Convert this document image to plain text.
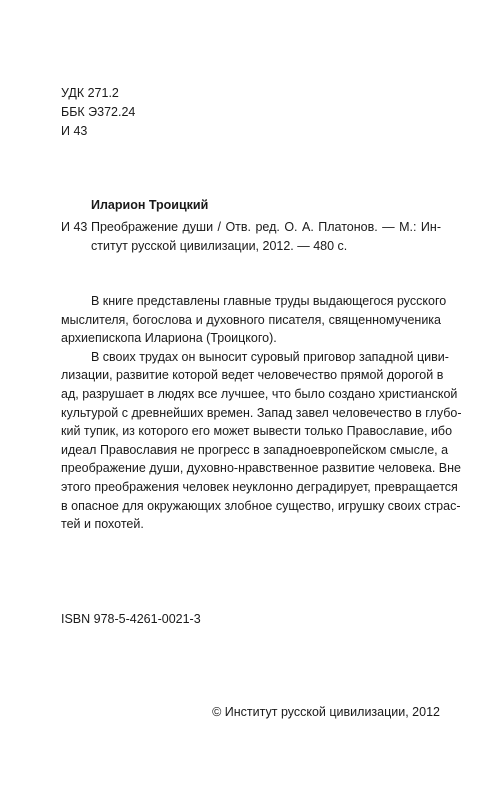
УДК 271.2
ББК Э372.24
И 43
Иларион Троицкий
И 43 Преображение души / Отв. ред. О. А. Платонов. — М.: Ин-
ститут русской цивилизации, 2012. — 480 с.

В книге представлены главные труды выдающегося русского
мыслителя, богослова и духовного писателя, священномученика
архиепископа Илариона (Троицкого).

В своих трудах он выносит суровый приговор западной циви-
лизации, развитие которой ведет человечество прямой дорогой в
ад, разрушает в людях все лучшее, что было создано христианской
культурой с древнейших времен. Запад завел человечество в глубо-
кий тупик, из которого его может вывести только Православие, ибо
идеал Православия не прогресс в западноевропейском смысле, а
преображение души, духовно-нравственное развитие человека. Вне
этого преображения человек неуклонно деградирует, превращается
в опасное для окружающих злобное существо, игрушку своих страс-
тей и похотей.

ISBN 978-5-4261-0021-3
© Институт русской цивилизации, 2012
